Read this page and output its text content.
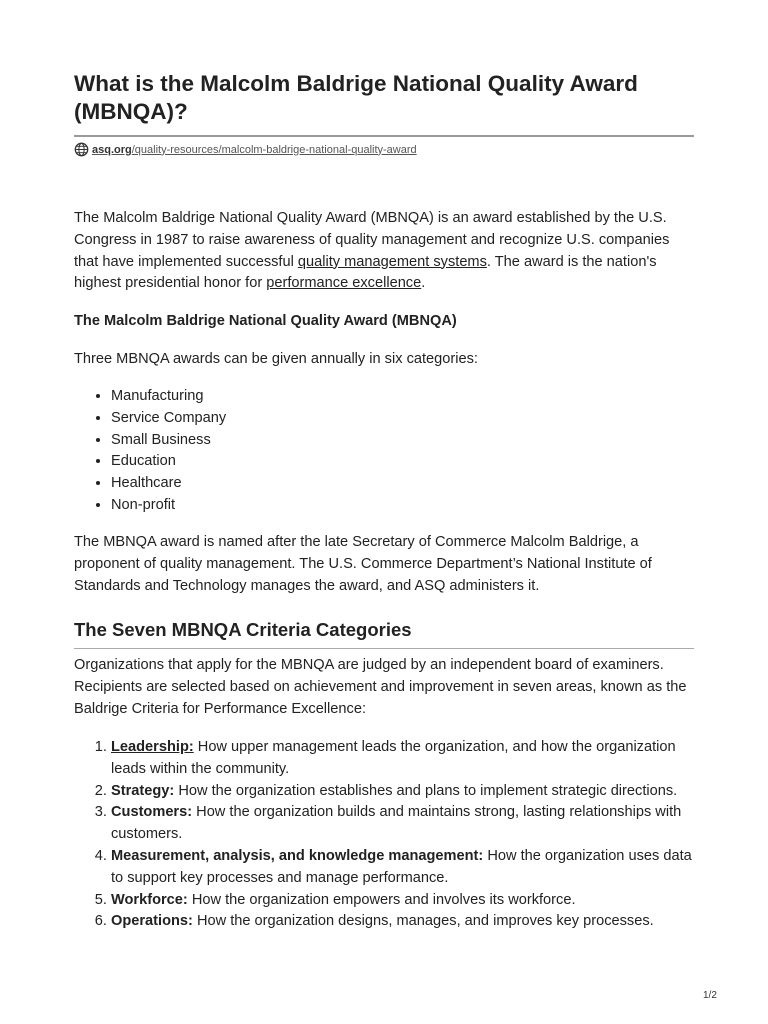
What is the Malcolm Baldrige National Quality Award (MBNQA)?
asq.org/quality-resources/malcolm-baldrige-national-quality-award

The Malcolm Baldrige National Quality Award (MBNQA) is an award established by the U.S. Congress in 1987 to raise awareness of quality management and recognize U.S. companies that have implemented successful quality management systems. The award is the nation's highest presidential honor for performance excellence.

The Malcolm Baldrige National Quality Award (MBNQA)

Three MBNQA awards can be given annually in six categories:

• Manufacturing
• Service Company
• Small Business
• Education
• Healthcare
• Non-profit

The MBNQA award is named after the late Secretary of Commerce Malcolm Baldrige, a proponent of quality management. The U.S. Commerce Department’s National Institute of Standards and Technology manages the award, and ASQ administers it.

The Seven MBNQA Criteria Categories

Organizations that apply for the MBNQA are judged by an independent board of examiners. Recipients are selected based on achievement and improvement in seven areas, known as the Baldrige Criteria for Performance Excellence:

1. Leadership: How upper management leads the organization, and how the organization leads within the community.
2. Strategy: How the organization establishes and plans to implement strategic directions.
3. Customers: How the organization builds and maintains strong, lasting relationships with customers.
4. Measurement, analysis, and knowledge management: How the organization uses data to support key processes and manage performance.
5. Workforce: How the organization empowers and involves its workforce.
6. Operations: How the organization designs, manages, and improves key processes.
1/2
